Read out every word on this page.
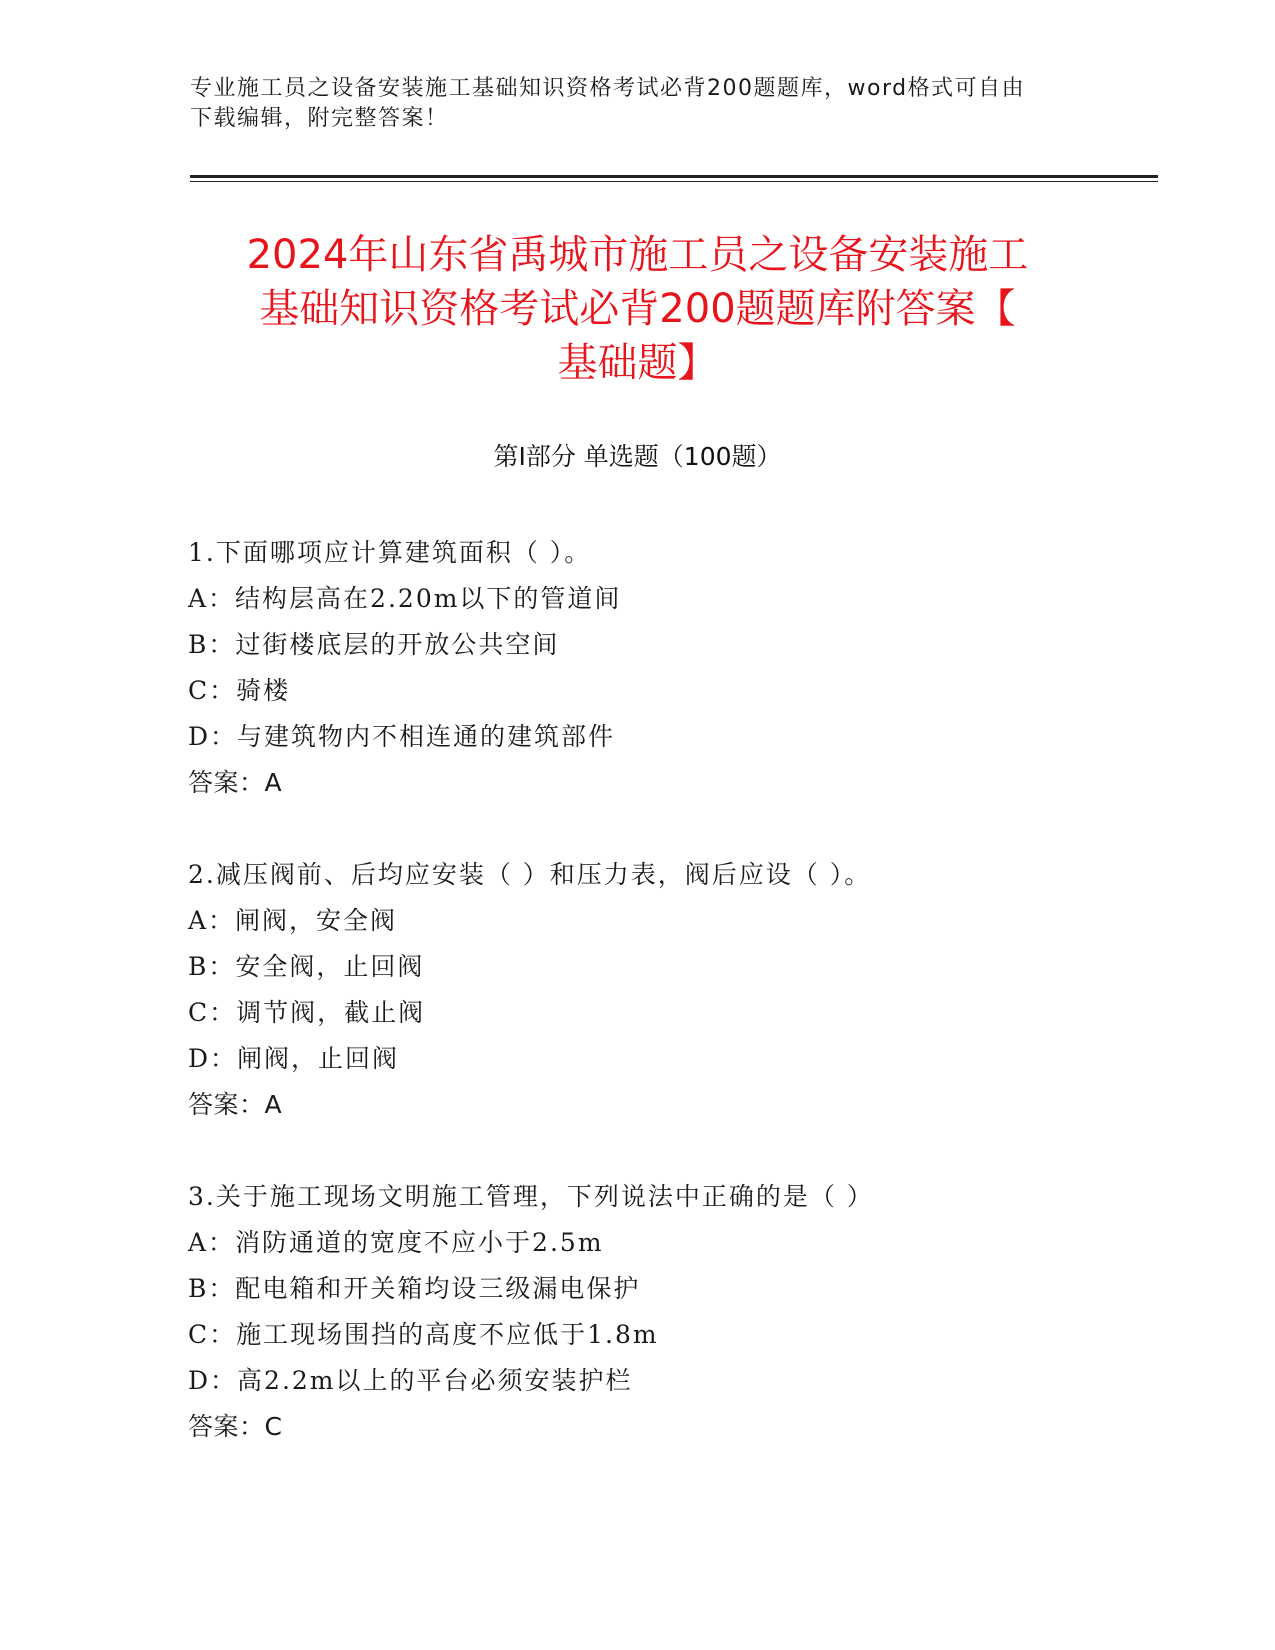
专业施工员之设备安装施工基础知识资格考试必背200题题库，word格式可自由
下载编辑，附完整答案！
2024年山东省禹城市施工员之设备安装施工
基础知识资格考试必背200题题库附答案【
基础题】
第Ⅰ部分 单选题（100题）
1.下面哪项应计算建筑面积（ ）。
A：结构层高在2.20m以下的管道间
B：过街楼底层的开放公共空间
C：骑楼
D：与建筑物内不相连通的建筑部件
答案：A
2.减压阀前、后均应安装（ ）和压力表，阀后应设（ ）。
A：闸阀，安全阀
B：安全阀，止回阀
C：调节阀，截止阀
D：闸阀，止回阀
答案：A
3.关于施工现场文明施工管理，下列说法中正确的是（ ）
A：消防通道的宽度不应小于2.5m
B：配电箱和开关箱均设三级漏电保护
C：施工现场围挡的高度不应低于1.8m
D：高2.2m以上的平台必须安装护栏
答案：C
